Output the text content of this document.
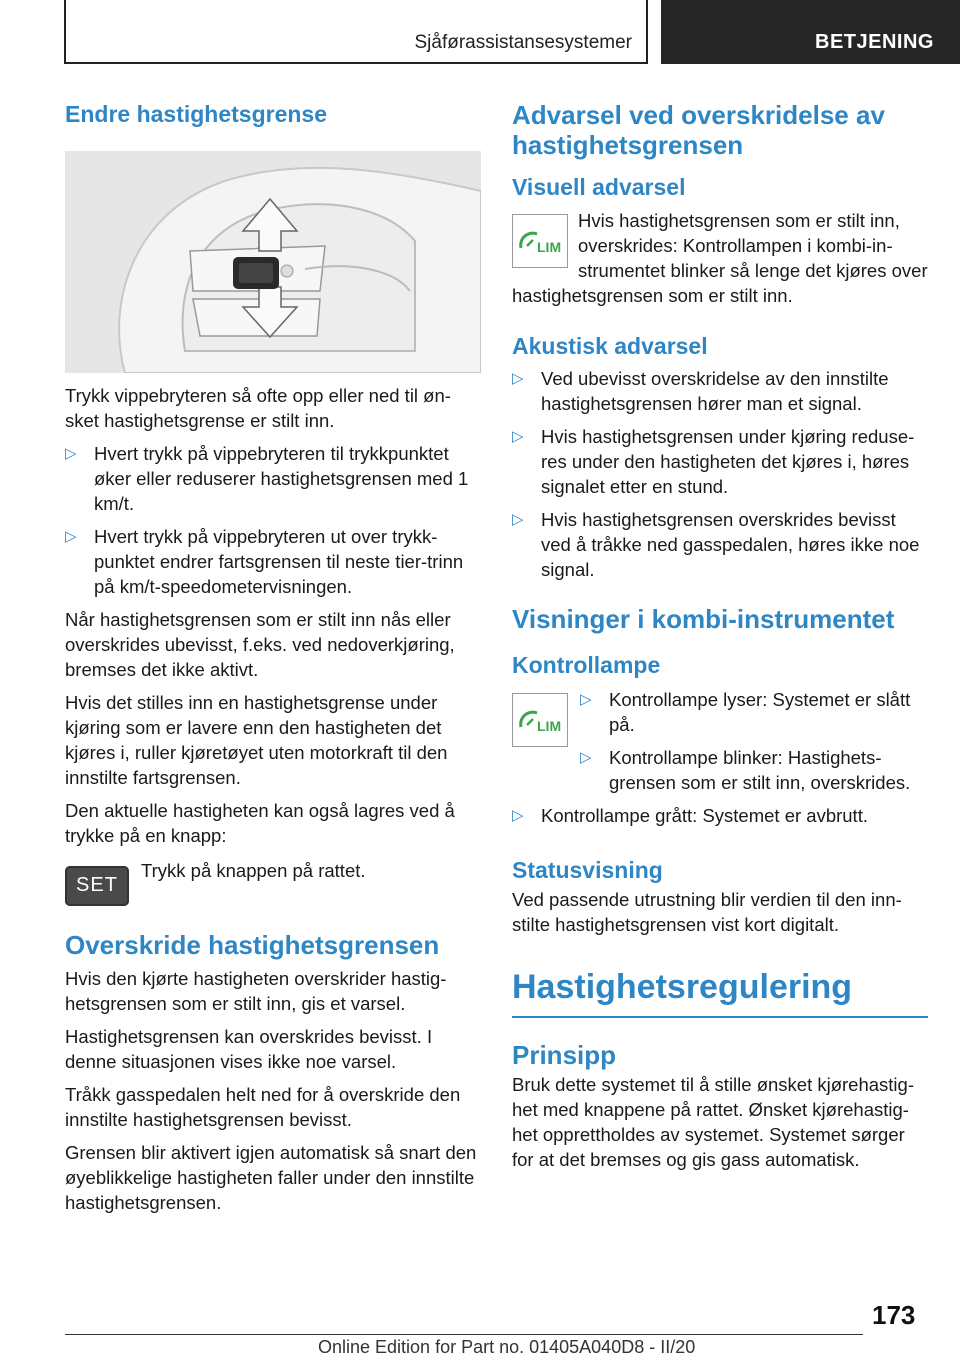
Sjåførassistansesystemer	BETJENING
Endre hastighetsgrense

Trykk vippebryteren så ofte opp eller ned til øn-sket hastighetsgrense er stilt inn.

▷ Hvert trykk på vippebryteren til trykkpunktet øker eller reduserer hastighetsgrensen med 1 km/t.
▷ Hvert trykk på vippebryteren ut over trykk-punktet endrer fartsgrensen til neste tier-trinn på km/t-speedometervisningen.

Når hastighetsgrensen som er stilt inn nås eller overskrides ubevisst, f.eks. ved nedoverkjøring, bremses det ikke aktivt.

Hvis det stilles inn en hastighetsgrense under kjøring som er lavere enn den hastigheten det kjøres i, ruller kjøretøyet uten motorkraft til den innstilte fartsgrensen.

Den aktuelle hastigheten kan også lagres ved å trykke på en knapp:

SET

Trykk på knappen på rattet.

Overskride hastighetsgrensen

Hvis den kjørte hastigheten overskrider hastig-hetsgrensen som er stilt inn, gis et varsel.

Hastighetsgrensen kan overskrides bevisst. I denne situasjonen vises ikke noe varsel.

Tråkk gasspedalen helt ned for å overskride den innstilte hastighetsgrensen bevisst.

Grensen blir aktivert igjen automatisk så snart den øyeblikkelige hastigheten faller under den innstilte hastighetsgrensen.

Advarsel ved overskridelse av hastighetsgrensen
Visuell advarsel
LIM

Hvis hastighetsgrensen som er stilt inn, overskrides: Kontrollampen i kombi-in-strumentet blinker så lenge det kjøres over hastighetsgrensen som er stilt inn.

Akustisk advarsel
▷ Ved ubevisst overskridelse av den innstilte hastighetsgrensen hører man et signal.
▷ Hvis hastighetsgrensen under kjøring reduse-res under den hastigheten det kjøres i, høres signalet etter en stund.
▷ Hvis hastighetsgrensen overskrides bevisst ved å tråkke ned gasspedalen, høres ikke noe signal.
Visninger i kombi-instrumentet
Kontrollampe
LIM
▷ Kontrollampe lyser: Systemet er slått på.
▷ Kontrollampe blinker: Hastighets-grensen som er stilt inn, overskrides.
▷ Kontrollampe grått: Systemet er avbrutt.
Statusvisning

Ved passende utrustning blir verdien til den inn-stilte hastighetsgrensen vist kort digitalt.

Hastighetsregulering
Prinsipp

Bruk dette systemet til å stille ønsket kjørehastig-het med knappene på rattet. Ønsket kjørehastig-het opprettholdes av systemet. Systemet sørger for at det bremses og gis gass automatisk.

173
Online Edition for Part no. 01405A040D8 - II/20
